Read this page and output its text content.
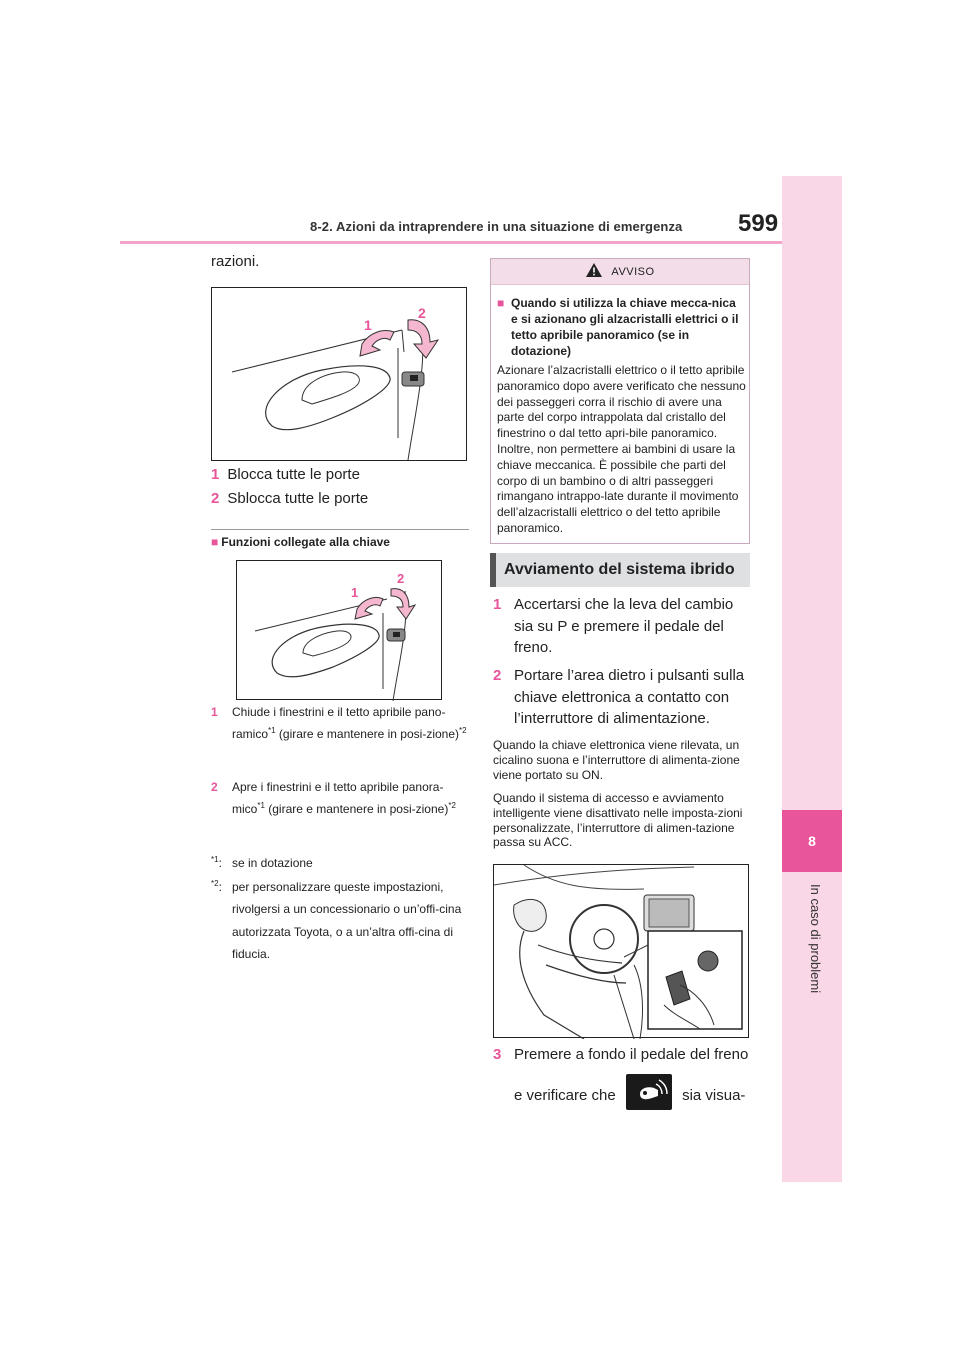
8-2. Azioni da intraprendere in una situazione di emergenza 599
8
In caso di problemi
razioni.
1
2
1 Blocca tutte le porte
2 Sblocca tutte le porte
■ Funzioni collegate alla chiave
1
2
1	Chiude i finestrini e il tetto apribile pano-ramico$^{*1}$ (girare e mantenere in posi-zione)$^{*2}$
2	Apre i finestrini e il tetto apribile panora-mico$^{*1}$ (girare e mantenere in posi-zione)$^{*2}$
$^{*1}$: se in dotazione
$^{*2}$: per personalizzare queste impostazioni, rivolgersi a un concessionario o un’offi-cina autorizzata Toyota, o a un’altra offi-cina di fiducia.
AVVISO
■ Quando si utilizza la chiave mecca-nica e si azionano gli alzacristalli elettrici o il tetto apribile panoramico (se in dotazione)
Azionare l’alzacristalli elettrico o il tetto apribile panoramico dopo avere verificato che nessuno dei passeggeri corra il rischio di avere una parte del corpo intrappolata dal cristallo del finestrino o dal tetto apri-bile panoramico. Inoltre, non permettere ai bambini di usare la chiave meccanica. È possibile che parti del corpo di un bambino o di altri passeggeri rimangano intrappo-late durante il movimento dell’alzacristalli elettrico o del tetto apribile panoramico.
Avviamento del sistema ibrido
1 Accertarsi che la leva del cambio sia su P e premere il pedale del freno.
2 Portare l’area dietro i pulsanti sulla chiave elettronica a contatto con l’interruttore di alimentazione.
Quando la chiave elettronica viene rilevata, un cicalino suona e l’interruttore di alimenta-zione viene portato su ON.
Quando il sistema di accesso e avviamento intelligente viene disattivato nelle imposta-zioni personalizzate, l’interruttore di alimen-tazione passa su ACC.
3 Premere a fondo il pedale del freno
e verificare che	sia visua-
